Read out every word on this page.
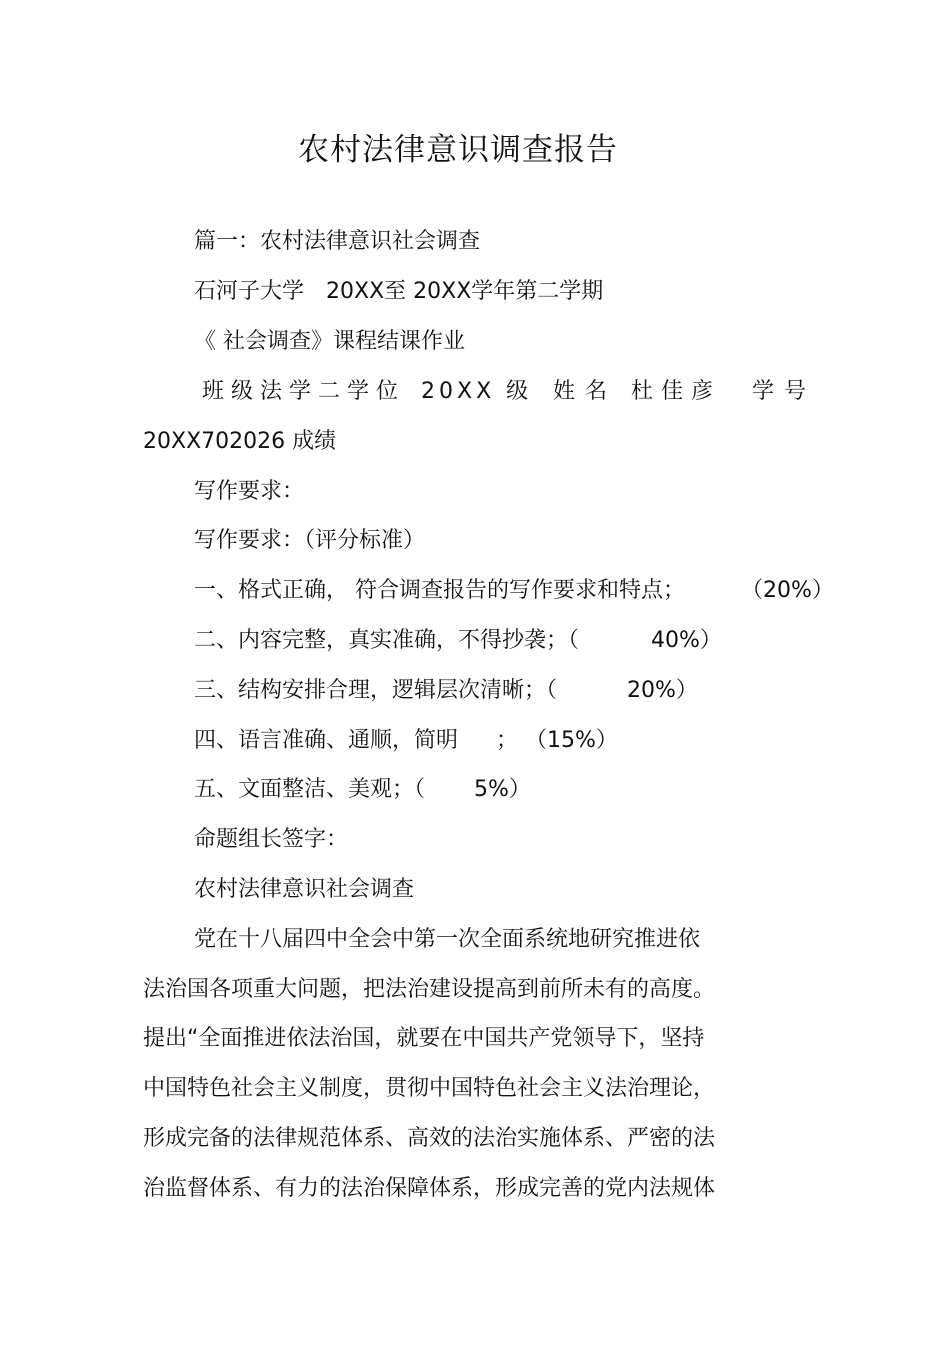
农村法律意识调查报告
篇一：农村法律意识社会调查
石河子大学 20XX至 20XX学年第二学期
《 社会调查》课程结课作业
班级法学二学位 20XX 级 姓名 杜佳彦 学号
20XX702026 成绩
写作要求：
写作要求：（评分标准）
一、格式正确， 符合调查报告的写作要求和特点；	（20%）
二、内容完整，真实准确，不得抄袭；（	40%）
三、结构安排合理，逻辑层次清晰；（	20%）
四、语言准确、通顺，简明 ； （15%）
五、文面整洁、美观；（ 5%）
命题组长签字：
农村法律意识社会调查
党在十八届四中全会中第一次全面系统地研究推进依
法治国各项重大问题，把法治建设提高到前所未有的高度。
提出“全面推进依法治国，就要在中国共产党领导下，坚持
中国特色社会主义制度，贯彻中国特色社会主义法治理论，
形成完备的法律规范体系、高效的法治实施体系、严密的法
治监督体系、有力的法治保障体系，形成完善的党内法规体
